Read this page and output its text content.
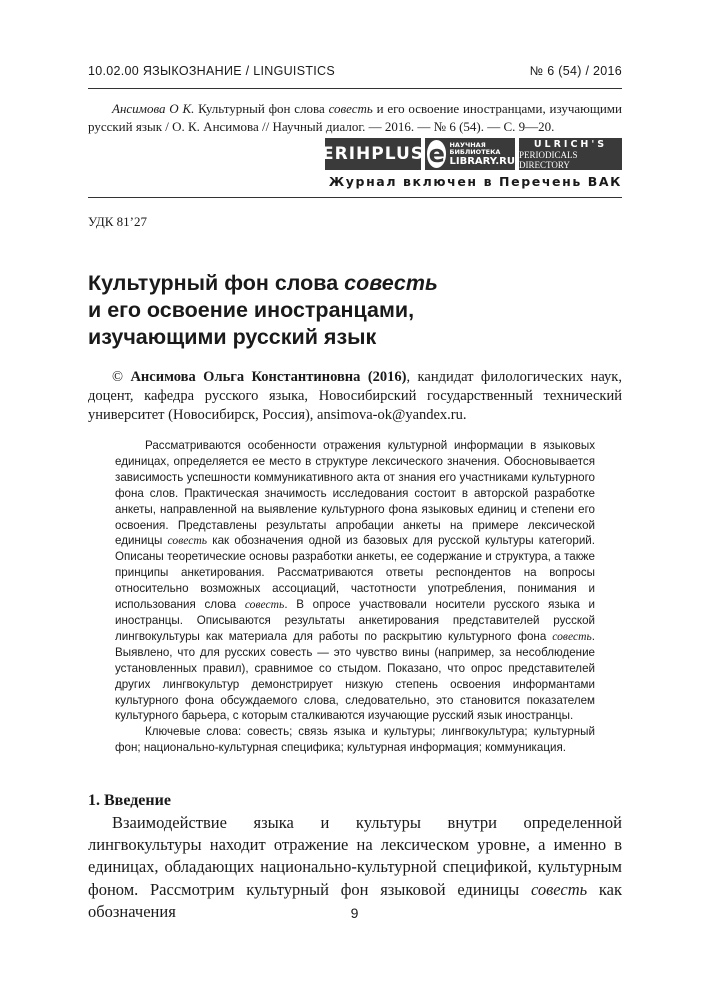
10.02.00 ЯЗЫКОЗНАНИЕ / LINGUISTICS	№ 6 (54) / 2016
Ансимова О К. Культурный фон слова совесть и его освоение иностранцами, изучающими русский язык / О. К. Ансимова // Научный диалог. — 2016. — № 6 (54). — С. 9—20.
ERIHPLUS e НАУЧНАЯ
БИБЛИОТЕКА
LIBRARY.RU
ULRICH'S
PERIODICALS DIRECTORY
Журнал включен в Перечень ВАК
УДК 81’27
Культурный фон слова совесть
и его освоение иностранцами,
изучающими русский язык
© Ансимова Ольга Константиновна (2016), кандидат филологических наук, доцент, кафедра русского языка, Новосибирский государственный технический университет (Новосибирск, Россия), ansimova-ok@yandex.ru.

Рассматриваются особенности отражения культурной информации в языковых единицах, определяется ее место в структуре лексического значения. Обосновывается зависимость успешности коммуникативного акта от знания его участниками культурного фона слов. Практическая значимость исследования состоит в авторской разработке анкеты, направленной на выявление культурного фона языковых единиц и степени его освоения. Представлены результаты апробации анкеты на примере лексической единицы совесть как обозначения одной из базовых для русской культуры категорий. Описаны теоретические основы разработки анкеты, ее содержание и структура, а также принципы анкетирования. Рассматриваются ответы респондентов на вопросы относительно возможных ассоциаций, частотности употребления, понимания и использования слова совесть. В опросе участвовали носители русского языка и иностранцы. Описываются результаты анкетирования представителей русской лингвокультуры как материала для работы по раскрытию культурного фона совесть. Выявлено, что для русских совесть — это чувство вины (например, за несоблюдение установленных правил), сравнимое со стыдом. Показано, что опрос представителей других лингвокультур демонстрирует низкую степень освоения информантами культурного фона обсуждаемого слова, следовательно, это становится показателем культурного барьера, с которым сталкиваются изучающие русский язык иностранцы.

Ключевые слова: совесть; связь языка и культуры; лингвокультура; культурный фон; национально-культурная специфика; культурная информация; коммуникация.

1. Введение
Взаимодействие языка и культуры внутри определенной лингвокультуры находит отражение на лексическом уровне, а именно в единицах, обладающих национально-культурной спецификой, культурным фоном. Рассмотрим культурный фон языковой единицы совесть как обозначения	9
